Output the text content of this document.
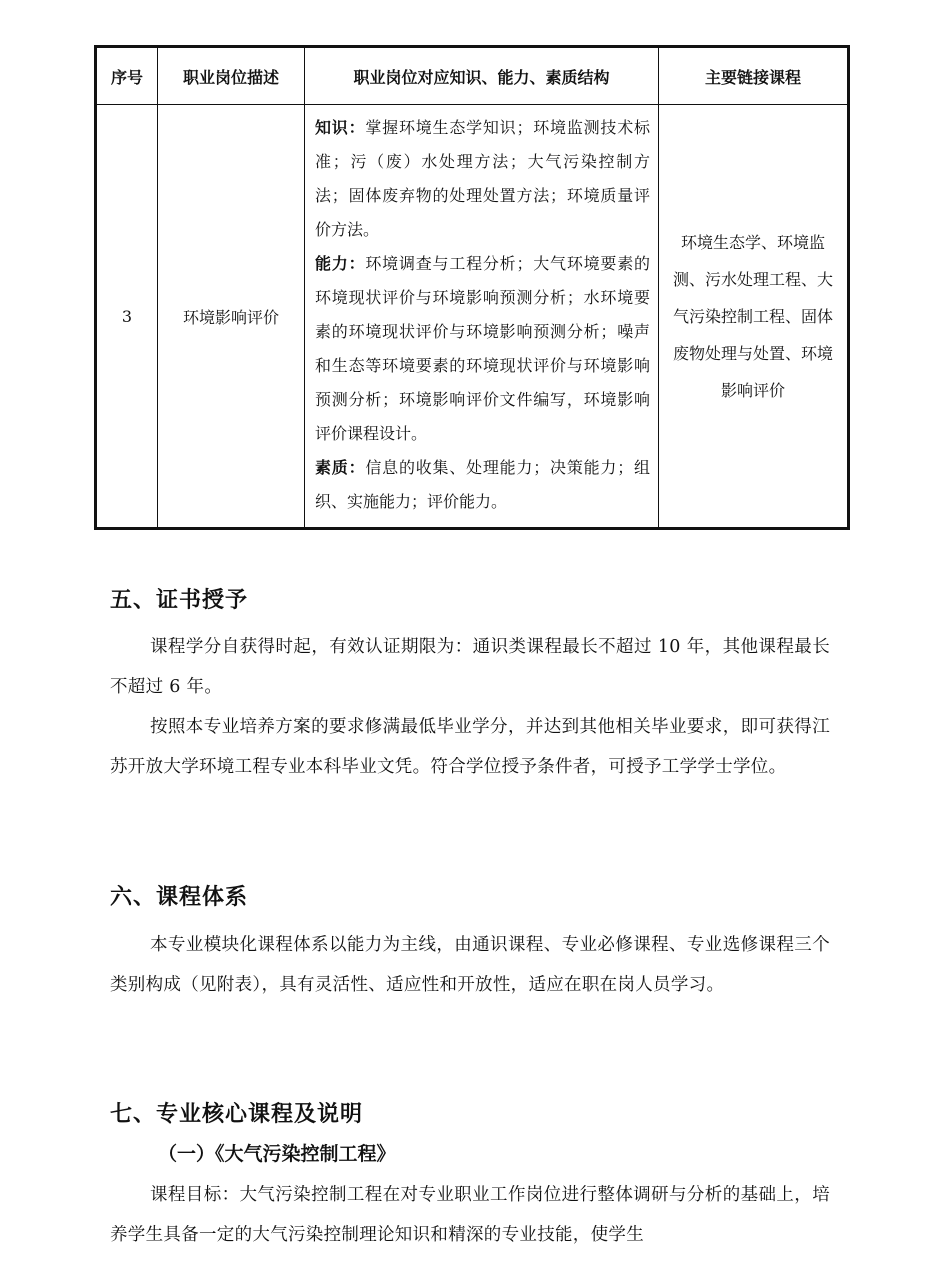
序号	职业岗位描述	职业岗位对应知识、能力、素质结构	主要链接课程
3	环境影响评价	知识：掌握环境生态学知识；环境监测技术标准；污（废）水处理方法；大气污染控制方法；固体废弃物的处理处置方法；环境质量评价方法。
能力：环境调查与工程分析；大气环境要素的环境现状评价与环境影响预测分析；水环境要素的环境现状评价与环境影响预测分析；噪声和生态等环境要素的环境现状评价与环境影响预测分析；环境影响评价文件编写，环境影响评价课程设计。
素质：信息的收集、处理能力；决策能力；组织、实施能力；评价能力。	环境生态学、环境监测、污水处理工程、大气污染控制工程、固体废物处理与处置、环境影响评价
五、证书授予

课程学分自获得时起，有效认证期限为：通识类课程最长不超过 10 年，其他课程最长不超过 6 年。

按照本专业培养方案的要求修满最低毕业学分，并达到其他相关毕业要求，即可获得江苏开放大学环境工程专业本科毕业文凭。符合学位授予条件者，可授予工学学士学位。

六、课程体系

本专业模块化课程体系以能力为主线，由通识课程、专业必修课程、专业选修课程三个类别构成（见附表），具有灵活性、适应性和开放性，适应在职在岗人员学习。

七、专业核心课程及说明
（一）《大气污染控制工程》

课程目标：大气污染控制工程在对专业职业工作岗位进行整体调研与分析的基础上，培养学生具备一定的大气污染控制理论知识和精深的专业技能，使学生
